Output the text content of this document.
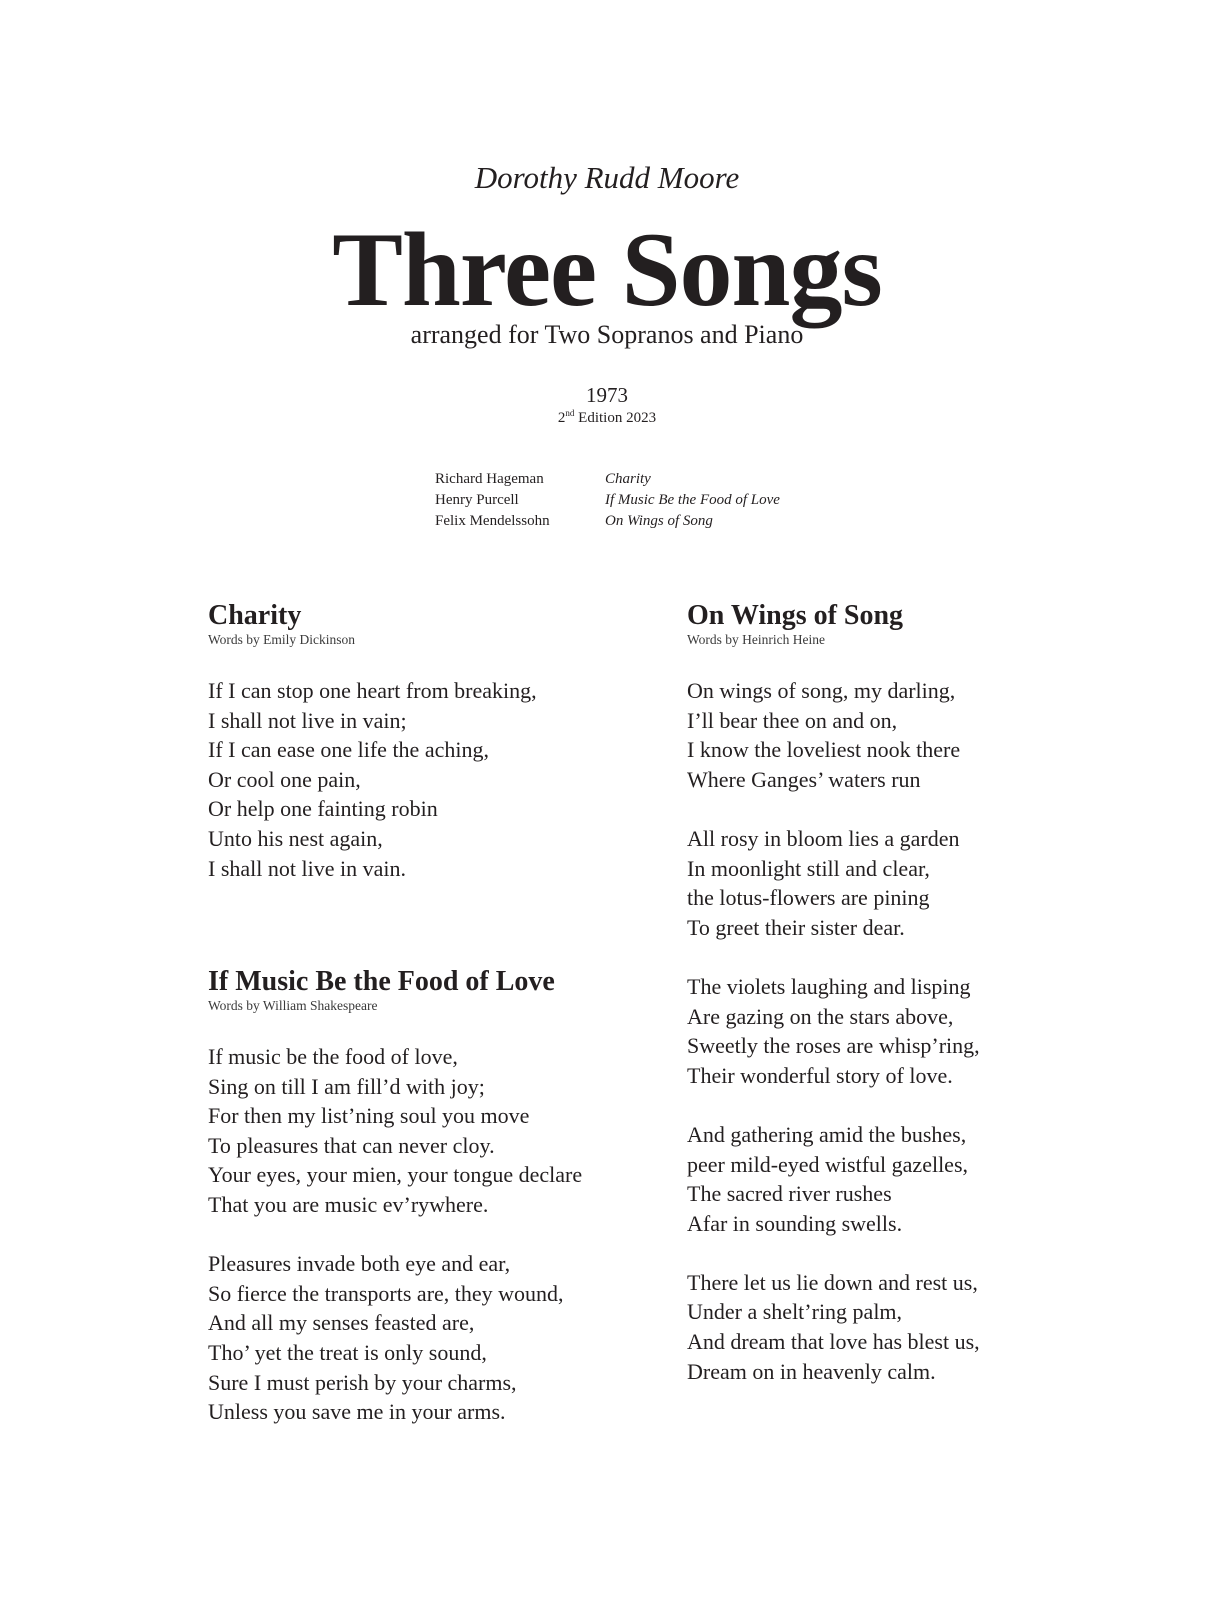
Dorothy Rudd Moore
Three Songs
arranged for Two Sopranos and Piano
1973
2nd Edition 2023
Richard Hageman	Charity
Henry Purcell	If Music Be the Food of Love
Felix Mendelssohn	On Wings of Song
Charity
Words by Emily Dickinson
If I can stop one heart from breaking,
I shall not live in vain;
If I can ease one life the aching,
Or cool one pain,
Or help one fainting robin
Unto his nest again,
I shall not live in vain.
If Music Be the Food of Love
Words by William Shakespeare
If music be the food of love,
Sing on till I am fill’d with joy;
For then my list’ning soul you move
To pleasures that can never cloy.
Your eyes, your mien, your tongue declare
That you are music ev’rywhere.
Pleasures invade both eye and ear,
So fierce the transports are, they wound,
And all my senses feasted are,
Tho’ yet the treat is only sound,
Sure I must perish by your charms,
Unless you save me in your arms.
On Wings of Song
Words by Heinrich Heine
On wings of song, my darling,
I’ll bear thee on and on,
I know the loveliest nook there
Where Ganges’ waters run
All rosy in bloom lies a garden
In moonlight still and clear,
the lotus-flowers are pining
To greet their sister dear.
The violets laughing and lisping
Are gazing on the stars above,
Sweetly the roses are whisp’ring,
Their wonderful story of love.
And gathering amid the bushes,
peer mild-eyed wistful gazelles,
The sacred river rushes
Afar in sounding swells.
There let us lie down and rest us,
Under a shelt’ring palm,
And dream that love has blest us,
Dream on in heavenly calm.
